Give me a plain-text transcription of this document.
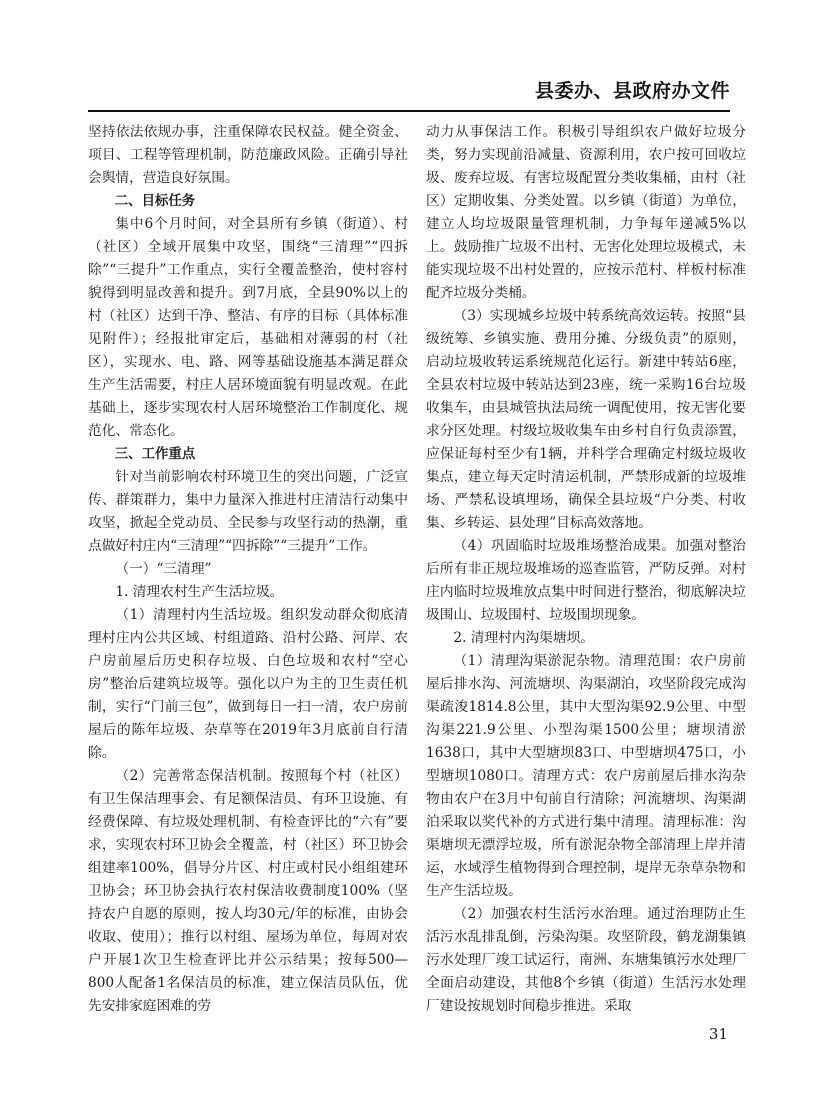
县委办、县政府办文件

坚持依法依规办事，注重保障农民权益。健全资金、项目、工程等管理机制，防范廉政风险。正确引导社会舆情，营造良好氛围。

二、目标任务

集中6个月时间，对全县所有乡镇（街道）、村（社区）全域开展集中攻坚，围绕“三清理”“四拆除”“三提升”工作重点，实行全覆盖整治，使村容村貌得到明显改善和提升。到7月底，全县90%以上的村（社区）达到干净、整洁、有序的目标（具体标准见附件）；经报批审定后，基础相对薄弱的村（社区），实现水、电、路、网等基础设施基本满足群众生产生活需要，村庄人居环境面貌有明显改观。在此基础上，逐步实现农村人居环境整治工作制度化、规范化、常态化。

三、工作重点

针对当前影响农村环境卫生的突出问题，广泛宣传、群策群力，集中力量深入推进村庄清洁行动集中攻坚，掀起全党动员、全民参与攻坚行动的热潮，重点做好村庄内“三清理”“四拆除”“三提升”工作。

（一）“三清理”

1. 清理农村生产生活垃圾。

（1）清理村内生活垃圾。组织发动群众彻底清理村庄内公共区域、村组道路、沿村公路、河岸、农户房前屋后历史积存垃圾、白色垃圾和农村“空心房”整治后建筑垃圾等。强化以户为主的卫生责任机制，实行“门前三包”，做到每日一扫一清，农户房前屋后的陈年垃圾、杂草等在2019年3月底前自行清除。

（2）完善常态保洁机制。按照每个村（社区）有卫生保洁理事会、有足额保洁员、有环卫设施、有经费保障、有垃圾处理机制、有检查评比的“六有”要求，实现农村环卫协会全覆盖，村（社区）环卫协会组建率100%，倡导分片区、村庄或村民小组组建环卫协会；环卫协会执行农村保洁收费制度100%（坚持农户自愿的原则，按人均30元/年的标准，由协会收取、使用）；推行以村组、屋场为单位，每周对农户开展1次卫生检查评比并公示结果；按每500—800人配备1名保洁员的标准，建立保洁员队伍，优先安排家庭困难的劳

动力从事保洁工作。积极引导组织农户做好垃圾分类，努力实现前沿减量、资源利用，农户按可回收垃圾、废弃垃圾、有害垃圾配置分类收集桶，由村（社区）定期收集、分类处置。以乡镇（街道）为单位，建立人均垃圾限量管理机制，力争每年递减5%以上。鼓励推广垃圾不出村、无害化处理垃圾模式，未能实现垃圾不出村处置的，应按示范村、样板村标准配齐垃圾分类桶。

（3）实现城乡垃圾中转系统高效运转。按照“县级统筹、乡镇实施、费用分摊、分级负责”的原则，启动垃圾收转运系统规范化运行。新建中转站6座，全县农村垃圾中转站达到23座，统一采购16台垃圾收集车，由县城管执法局统一调配使用，按无害化要求分区处理。村级垃圾收集车由乡村自行负责添置，应保证每村至少有1辆，并科学合理确定村级垃圾收集点，建立每天定时清运机制，严禁形成新的垃圾堆场、严禁私设填埋场，确保全县垃圾“户分类、村收集、乡转运、县处理”目标高效落地。

（4）巩固临时垃圾堆场整治成果。加强对整治后所有非正规垃圾堆场的巡查监管，严防反弹。对村庄内临时垃圾堆放点集中时间进行整治，彻底解决垃圾围山、垃圾围村、垃圾围坝现象。

2. 清理村内沟渠塘坝。

（1）清理沟渠淤泥杂物。清理范围：农户房前屋后排水沟、河流塘坝、沟渠湖泊，攻坚阶段完成沟渠疏浚1814.8公里，其中大型沟渠92.9公里、中型沟渠221.9公里、小型沟渠1500公里；塘坝清淤1638口，其中大型塘坝83口、中型塘坝475口，小型塘坝1080口。清理方式：农户房前屋后排水沟杂物由农户在3月中旬前自行清除；河流塘坝、沟渠湖泊采取以奖代补的方式进行集中清理。清理标准：沟渠塘坝无漂浮垃圾，所有淤泥杂物全部清理上岸并清运，水域浮生植物得到合理控制，堤岸无杂草杂物和生产生活垃圾。

（2）加强农村生活污水治理。通过治理防止生活污水乱排乱倒，污染沟渠。攻坚阶段，鹤龙湖集镇污水处理厂竣工试运行，南洲、东塘集镇污水处理厂全面启动建设，其他8个乡镇（街道）生活污水处理厂建设按规划时间稳步推进。采取

31
